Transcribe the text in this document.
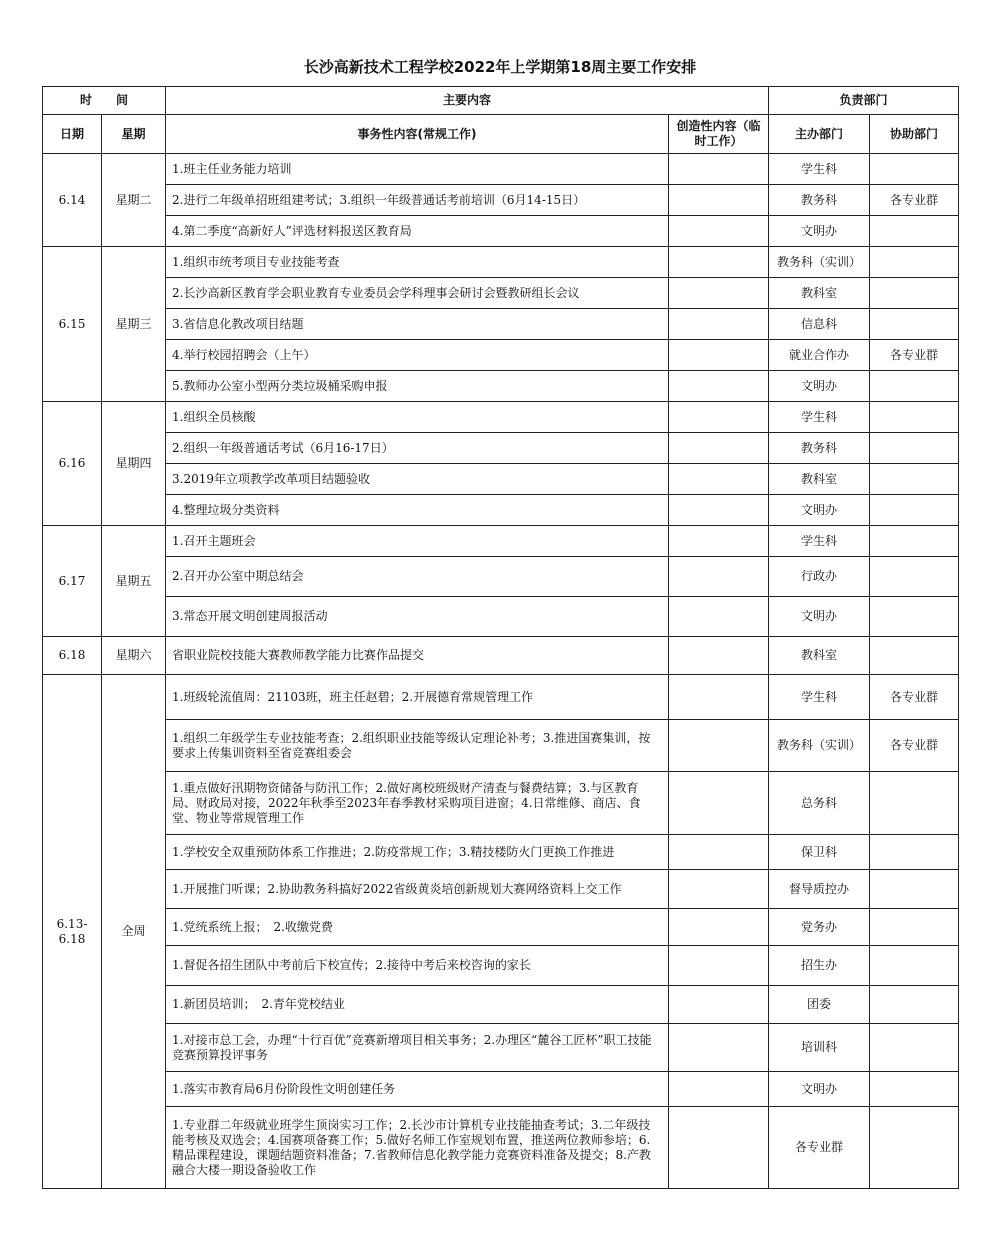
长沙高新技术工程学校2022年上学期第18周主要工作安排
时　　间		主要内容		负责部门	
日期	星期	事务性内容(常规工作)	创造性内容（临时工作）	主办部门	协助部门
6.14	星期二	1.班主任业务能力培训		学生科	
		2.进行二年级单招班组建考试；3.组织一年级普通话考前培训（6月14-15日）		教务科	各专业群
		4.第二季度“高新好人”评选材料报送区教育局		文明办	
6.15	星期三	1.组织市统考项目专业技能考查		教务科（实训）	
		2.长沙高新区教育学会职业教育专业委员会学科理事会研讨会暨教研组长会议		教科室	
		3.省信息化教改项目结题		信息科	
		4.举行校园招聘会（上午）		就业合作办	各专业群
		5.教师办公室小型两分类垃圾桶采购申报		文明办	
6.16	星期四	1.组织全员核酸		学生科	
		2.组织一年级普通话考试（6月16-17日）		教务科	
		3.2019年立项教学改革项目结题验收		教科室	
		4.整理垃圾分类资料		文明办	
6.17	星期五	1.召开主题班会		学生科	
		2.召开办公室中期总结会		行政办	
		3.常态开展文明创建周报活动		文明办	
6.18	星期六	省职业院校技能大赛教师教学能力比赛作品提交		教科室	
6.13-6.18	全周	1.班级轮流值周：21103班，班主任赵碧；2.开展德育常规管理工作		学生科	各专业群
		1.组织二年级学生专业技能考查；2.组织职业技能等级认定理论补考；3.推进国赛集训，按要求上传集训资料至省竞赛组委会		教务科（实训）	各专业群
		1.重点做好汛期物资储备与防汛工作；2.做好离校班级财产清查与餐费结算；3.与区教育局、财政局对接，2022年秋季至2023年春季教材采购项目进窗；4.日常维修、商店、食堂、物业等常规管理工作		总务科	
		1.学校安全双重预防体系工作推进；2.防疫常规工作；3.精技楼防火门更换工作推进		保卫科	
		1.开展推门听课；2.协助教务科搞好2022省级黄炎培创新规划大赛网络资料上交工作		督导质控办	
		1.党统系统上报；　2.收缴党费		党务办	
		1.督促各招生团队中考前后下校宣传；2.接待中考后来校咨询的家长		招生办	
		1.新团员培训；　2.青年党校结业		团委	
		1.对接市总工会，办理“十行百优”竞赛新增项目相关事务；2.办理区“麓谷工匠杯”职工技能竞赛预算投评事务		培训科	
		1.落实市教育局6月份阶段性文明创建任务		文明办	
		1.专业群二年级就业班学生顶岗实习工作；2.长沙市计算机专业技能抽查考试；3.二年级技能考核及双选会；4.国赛项备赛工作；5.做好名师工作室规划布置，推送两位教师参培；6.精品课程建设，课题结题资料准备；7.省教师信息化教学能力竞赛资料准备及提交；8.产教融合大楼一期设备验收工作		各专业群	
